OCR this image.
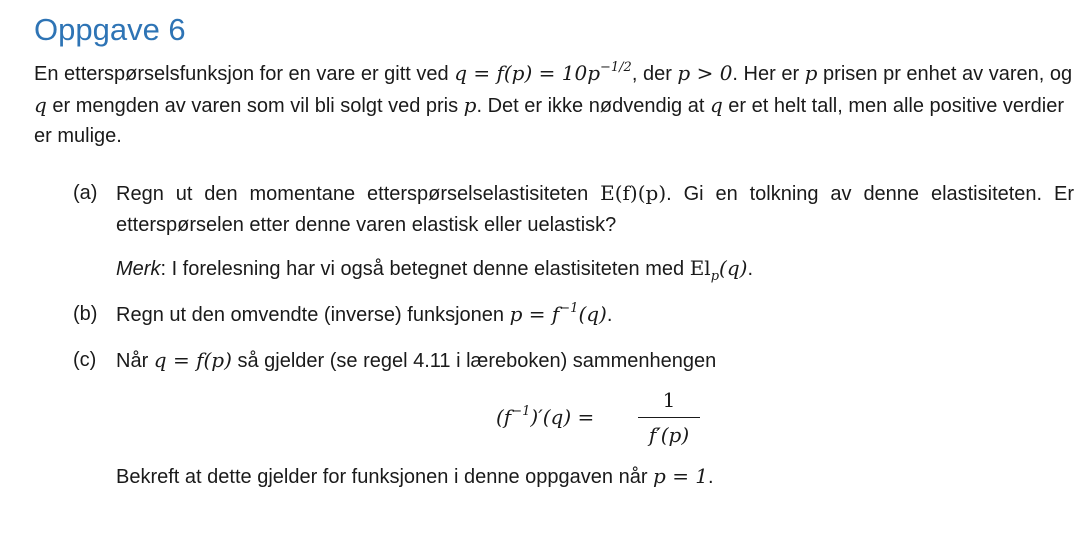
Oppgave 6

En etterspørselsfunksjon for en vare er gitt ved $q = f(p) = 10p^{-1/2}$, der p > 0. Her er p prisen pr enhet av varen, og q er mengden av varen som vil bli solgt ved pris p. Det er ikke nødvendig at q er et helt tall, men alle positive verdier er mulige.

(a) Regn ut den momentane etterspørselselastisiteten E(f)(p). Gi en tolkning av denne elastisiteten. Er etterspørselen etter denne varen elastisk eller uelastisk?
Merk: I forelesning har vi også betegnet denne elastisiteten med $El_p(q)$.
(b) Regn ut den omvendte (inverse) funksjonen $p = f^{-1}(q)$.
(c) Når q = f(p) så gjelder (se regel 4.11 i læreboken) sammenhengen
$(f^{-1})'(q)$ =
1
f′(p)
Bekreft at dette gjelder for funksjonen i denne oppgaven når p = 1.
